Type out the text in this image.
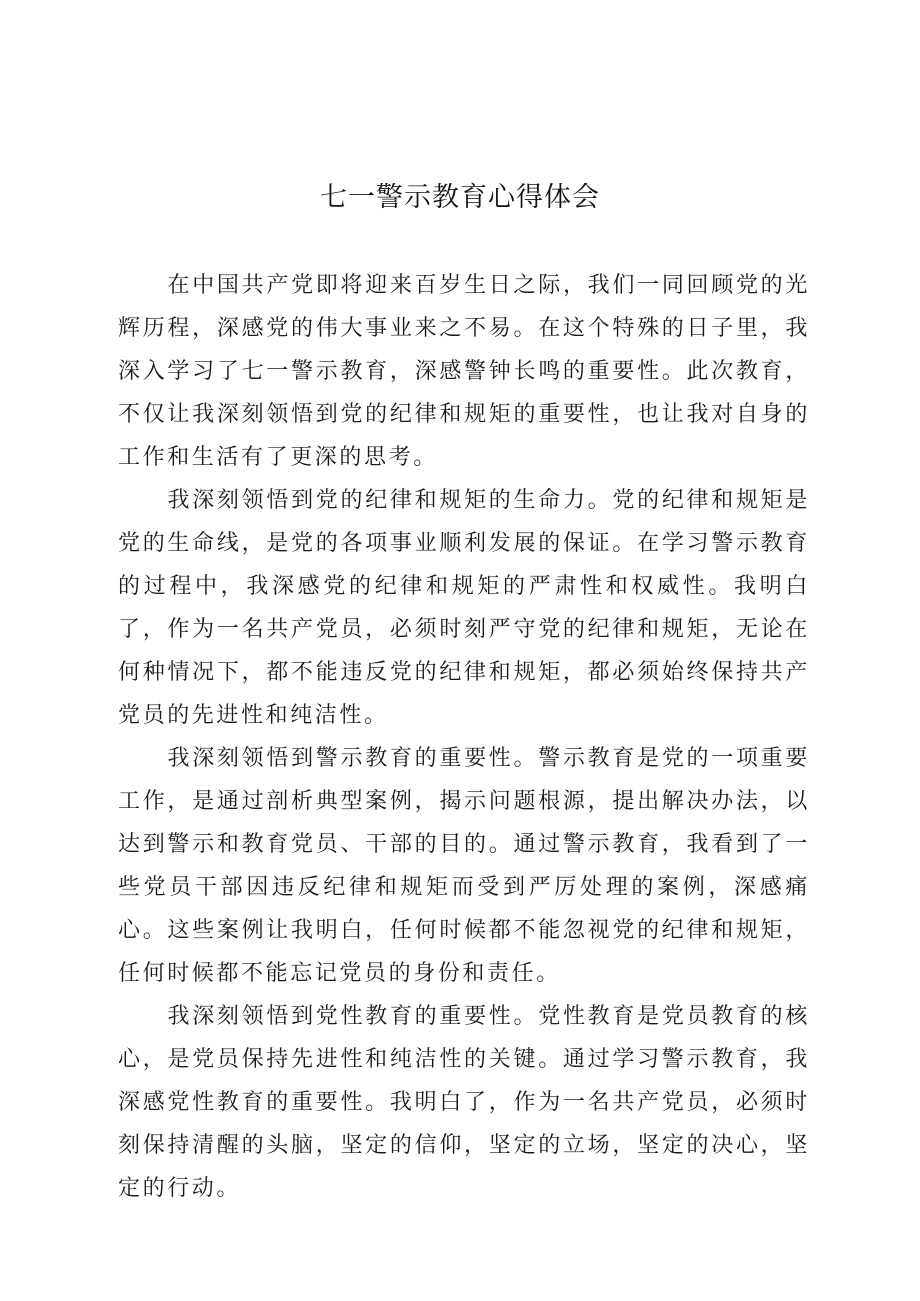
七一警示教育心得体会

在中国共产党即将迎来百岁生日之际，我们一同回顾党的光辉历程，深感党的伟大事业来之不易。在这个特殊的日子里，我深入学习了七一警示教育，深感警钟长鸣的重要性。此次教育，不仅让我深刻领悟到党的纪律和规矩的重要性，也让我对自身的工作和生活有了更深的思考。

我深刻领悟到党的纪律和规矩的生命力。党的纪律和规矩是党的生命线，是党的各项事业顺利发展的保证。在学习警示教育的过程中，我深感党的纪律和规矩的严肃性和权威性。我明白了，作为一名共产党员，必须时刻严守党的纪律和规矩，无论在何种情况下，都不能违反党的纪律和规矩，都必须始终保持共产党员的先进性和纯洁性。

我深刻领悟到警示教育的重要性。警示教育是党的一项重要工作，是通过剖析典型案例，揭示问题根源，提出解决办法，以达到警示和教育党员、干部的目的。通过警示教育，我看到了一些党员干部因违反纪律和规矩而受到严厉处理的案例，深感痛心。这些案例让我明白，任何时候都不能忽视党的纪律和规矩，任何时候都不能忘记党员的身份和责任。

我深刻领悟到党性教育的重要性。党性教育是党员教育的核心，是党员保持先进性和纯洁性的关键。通过学习警示教育，我深感党性教育的重要性。我明白了，作为一名共产党员，必须时刻保持清醒的头脑，坚定的信仰，坚定的立场，坚定的决心，坚定的行动。
